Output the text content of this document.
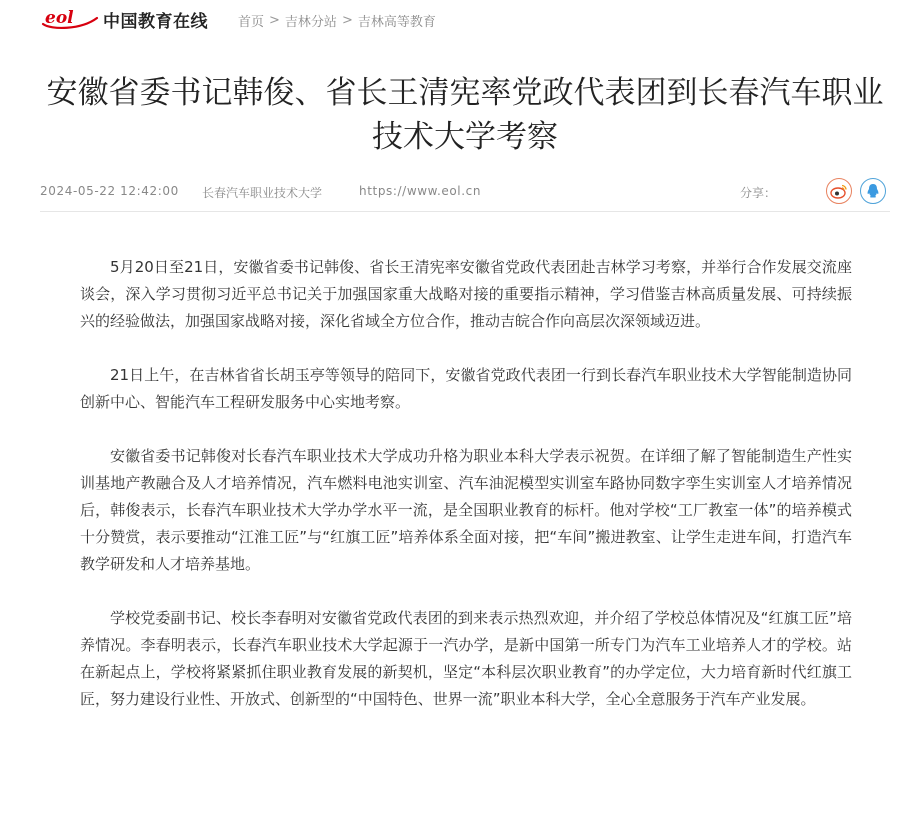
eol 中国教育在线 首页 > 吉林分站 > 吉林高等教育
安徽省委书记韩俊、省长王清宪率党政代表团到长春汽车职业技术大学考察
2024-05-22 12:42:00 长春汽车职业技术大学	https://www.eol.cn	分享：

5月20日至21日，安徽省委书记韩俊、省长王清宪率安徽省党政代表团赴吉林学习考察，并举行合作发展交流座谈会，深入学习贯彻习近平总书记关于加强国家重大战略对接的重要指示精神，学习借鉴吉林高质量发展、可持续振兴的经验做法，加强国家战略对接，深化省域全方位合作，推动吉皖合作向高层次深领域迈进。

21日上午，在吉林省省长胡玉亭等领导的陪同下，安徽省党政代表团一行到长春汽车职业技术大学智能制造协同创新中心、智能汽车工程研发服务中心实地考察。

安徽省委书记韩俊对长春汽车职业技术大学成功升格为职业本科大学表示祝贺。在详细了解了智能制造生产性实训基地产教融合及人才培养情况，汽车燃料电池实训室、汽车油泥模型实训室车路协同数字孪生实训室人才培养情况后，韩俊表示，长春汽车职业技术大学办学水平一流，是全国职业教育的标杆。他对学校“工厂教室一体”的培养模式十分赞赏，表示要推动“江淮工匠”与“红旗工匠”培养体系全面对接，把“车间”搬进教室、让学生走进车间，打造汽车教学研发和人才培养基地。

学校党委副书记、校长李春明对安徽省党政代表团的到来表示热烈欢迎，并介绍了学校总体情况及“红旗工匠”培养情况。李春明表示，长春汽车职业技术大学起源于一汽办学，是新中国第一所专门为汽车工业培养人才的学校。站在新起点上，学校将紧紧抓住职业教育发展的新契机，坚定“本科层次职业教育”的办学定位，大力培育新时代红旗工匠，努力建设行业性、开放式、创新型的“中国特色、世界一流”职业本科大学，全心全意服务于汽车产业发展。
